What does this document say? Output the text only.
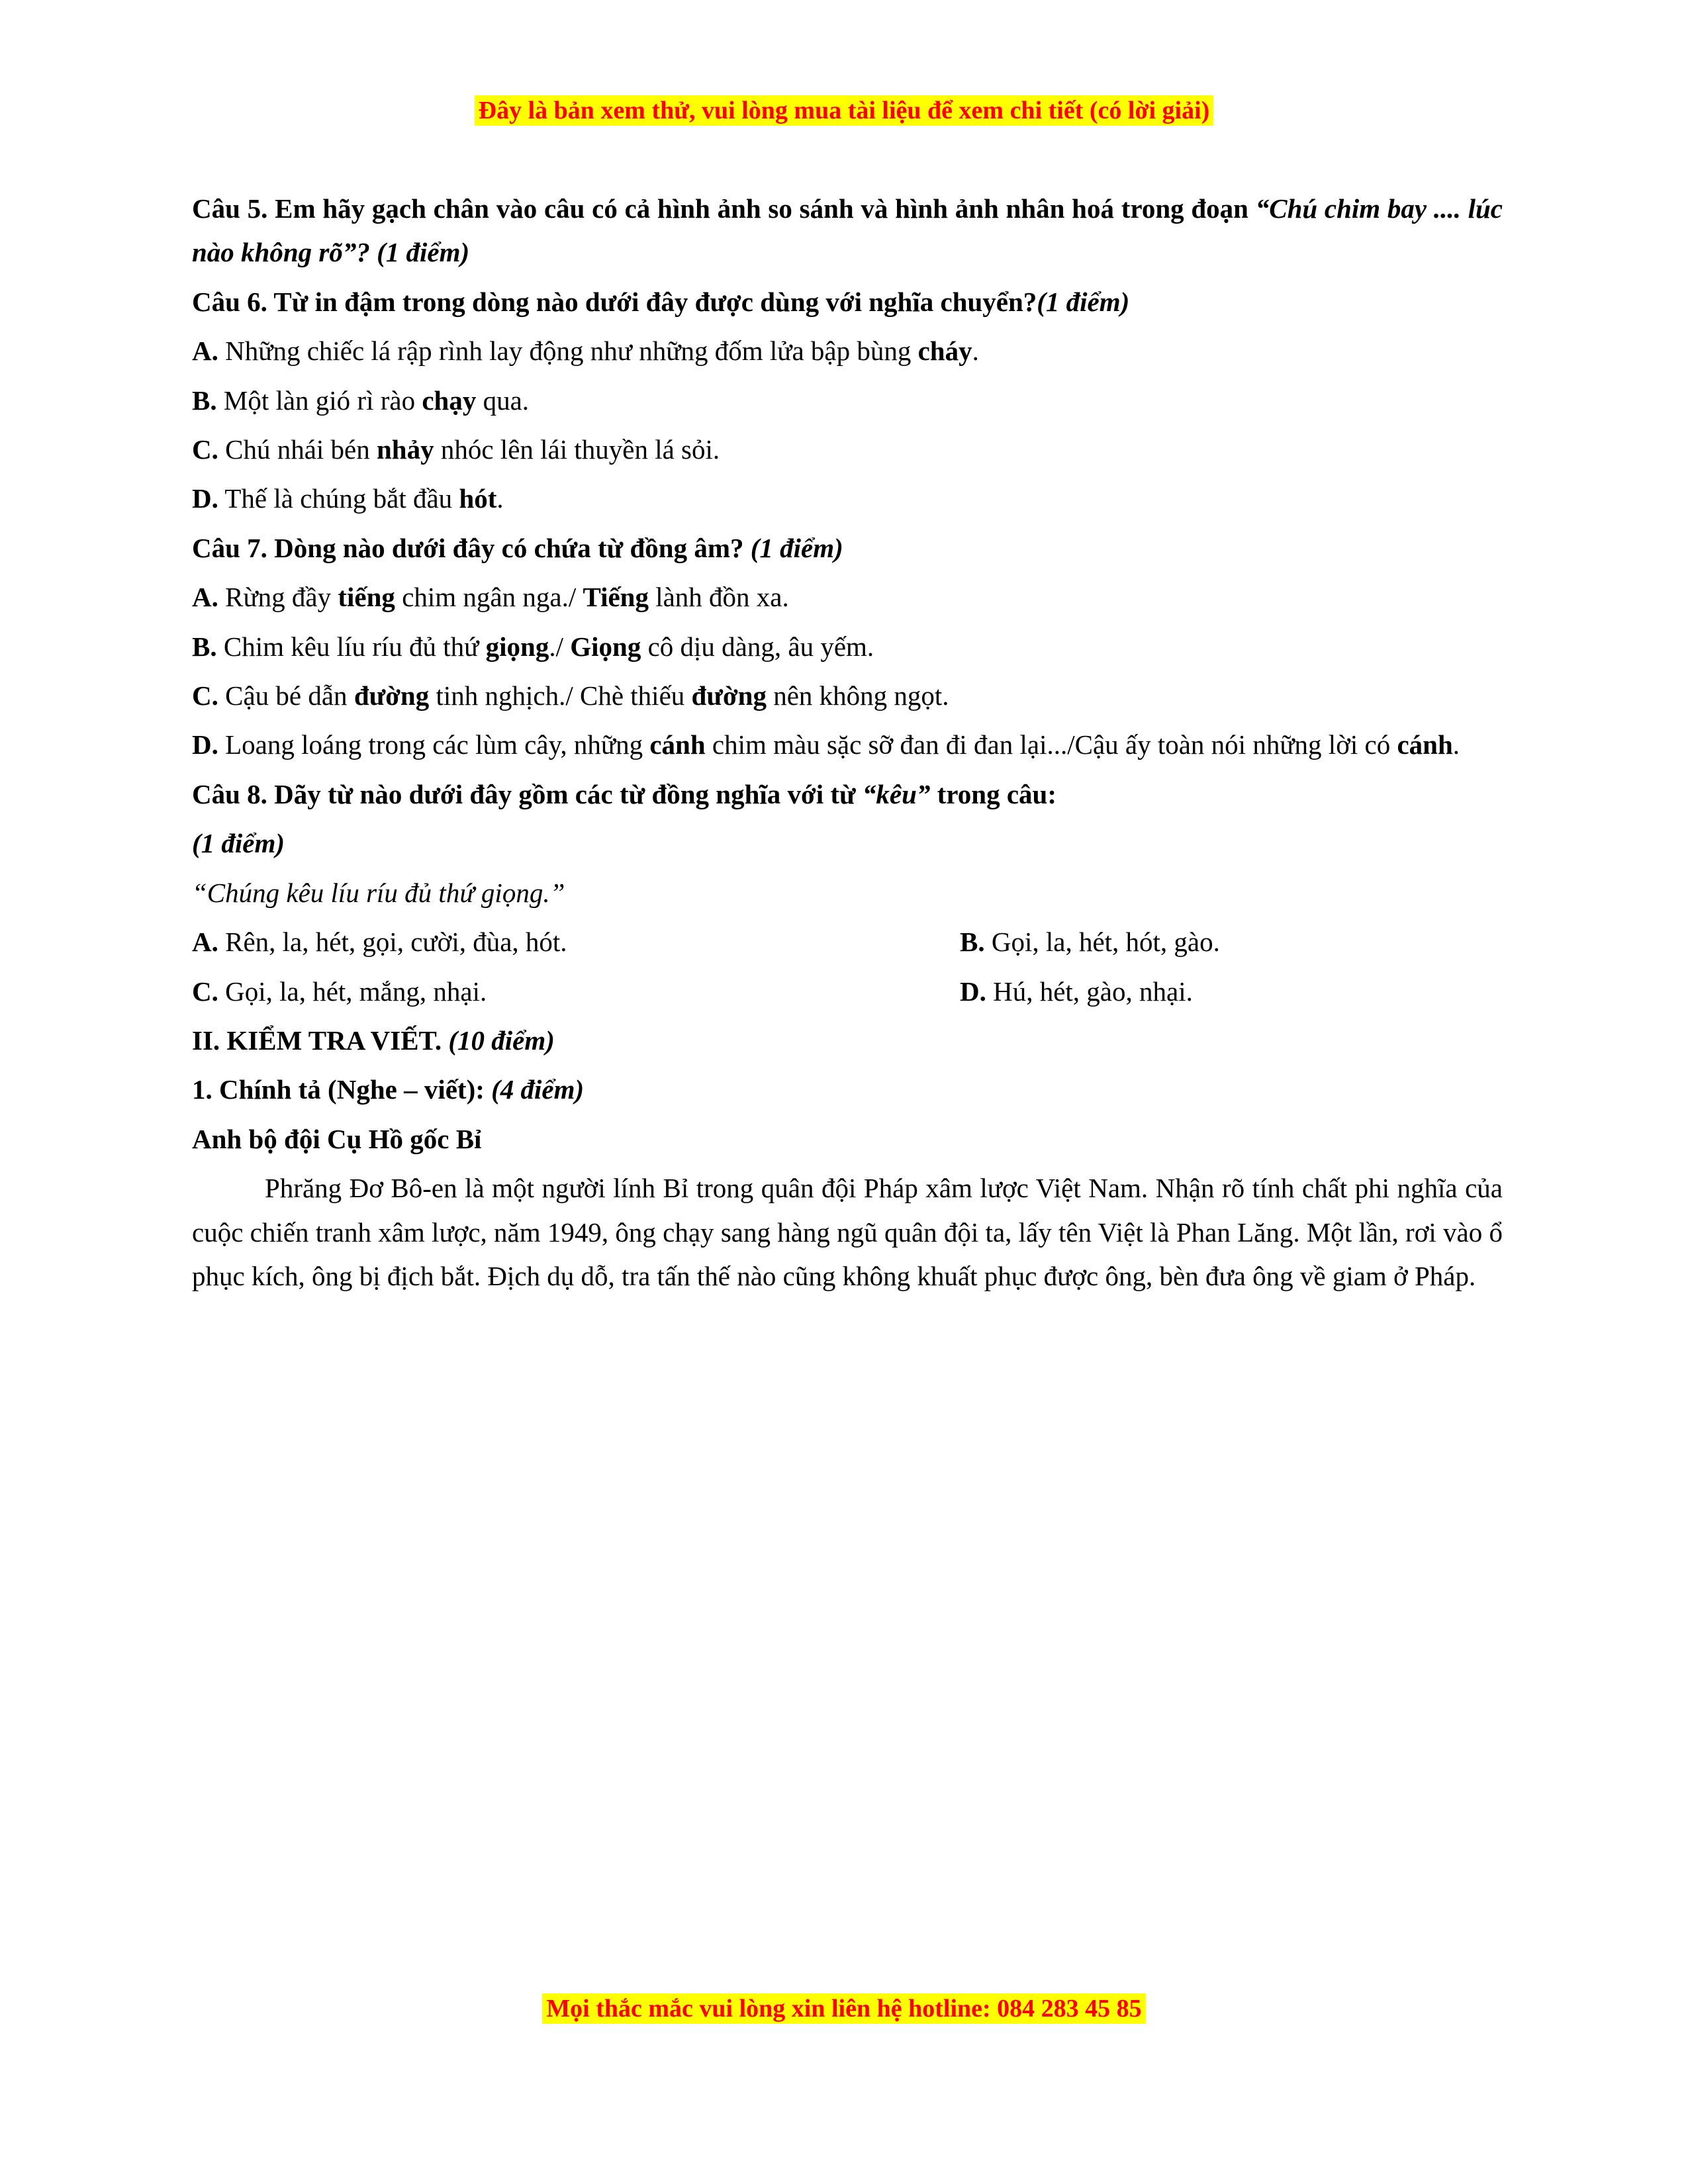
Đây là bản xem thử, vui lòng mua tài liệu để xem chi tiết (có lời giải)

Câu 5. Em hãy gạch chân vào câu có cả hình ảnh so sánh và hình ảnh nhân hoá trong đoạn “Chú chim bay .... lúc nào không rõ”? (1 điểm)

Câu 6. Từ in đậm trong dòng nào dưới đây được dùng với nghĩa chuyển?(1 điểm)

A. Những chiếc lá rập rình lay động như những đốm lửa bập bùng cháy.

B. Một làn gió rì rào chạy qua.

C. Chú nhái bén nhảy nhóc lên lái thuyền lá sỏi.

D. Thế là chúng bắt đầu hót.

Câu 7. Dòng nào dưới đây có chứa từ đồng âm? (1 điểm)

A. Rừng đầy tiếng chim ngân nga./ Tiếng lành đồn xa.

B. Chim kêu líu ríu đủ thứ giọng./ Giọng cô dịu dàng, âu yếm.

C. Cậu bé dẫn đường tinh nghịch./ Chè thiếu đường nên không ngọt.

D. Loang loáng trong các lùm cây, những cánh chim màu sặc sỡ đan đi đan lại.../Cậu ấy toàn nói những lời có cánh.

Câu 8. Dãy từ nào dưới đây gồm các từ đồng nghĩa với từ “kêu” trong câu:

(1 điểm)

“Chúng kêu líu ríu đủ thứ giọng.”

A. Rên, la, hét, gọi, cười, đùa, hót.	B. Gọi, la, hét, hót, gào.
C. Gọi, la, hét, mắng, nhại.	D. Hú, hét, gào, nhại.

II. KIỂM TRA VIẾT. (10 điểm)

1. Chính tả (Nghe – viết): (4 điểm)

Anh bộ đội Cụ Hồ gốc Bỉ

Phrăng Đơ Bô-en là một người lính Bỉ trong quân đội Pháp xâm lược Việt Nam. Nhận rõ tính chất phi nghĩa của cuộc chiến tranh xâm lược, năm 1949, ông chạy sang hàng ngũ quân đội ta, lấy tên Việt là Phan Lăng. Một lần, rơi vào ổ phục kích, ông bị địch bắt. Địch dụ dỗ, tra tấn thế nào cũng không khuất phục được ông, bèn đưa ông về giam ở Pháp.

Mọi thắc mắc vui lòng xin liên hệ hotline: 084 283 45 85
